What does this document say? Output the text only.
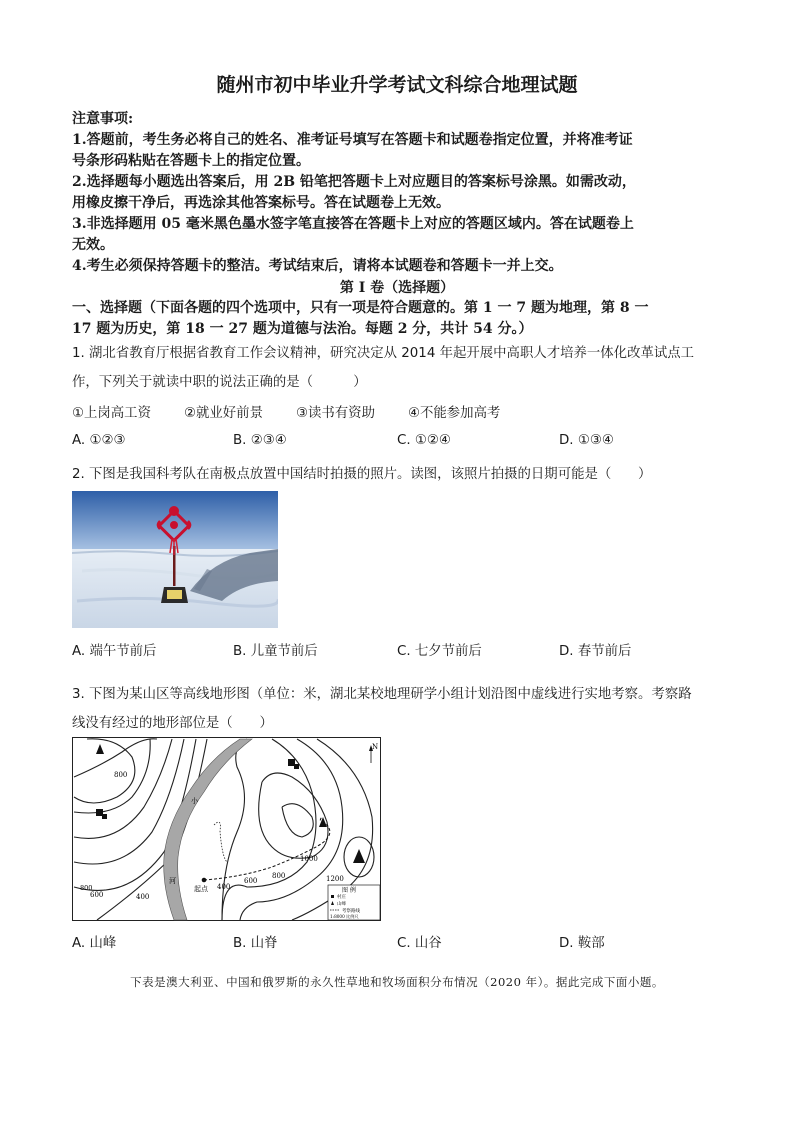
随州市初中毕业升学考试文科综合地理试题
注意事项:
1.答题前，考生务必将自己的姓名、准考证号填写在答题卡和试题卷指定位置，并将准考证
号条形码粘贴在答题卡上的指定位置。
2.选择题每小题选出答案后，用 2B 铅笔把答题卡上对应题目的答案标号涂黑。如需改动，
用橡皮擦干净后，再选涂其他答案标号。答在试题卷上无效。
3.非选择题用 05 毫米黑色墨水签字笔直接答在答题卡上对应的答题区域内。答在试题卷上
无效。
4.考生必须保持答题卡的整洁。考试结束后，请将本试题卷和答题卡一并上交。
第 I 卷（选择题）
一、选择题（下面各题的四个选项中，只有一项是符合题意的。第 1 一 7 题为地理，第 8 一
17 题为历史，第 18 一 27 题为道德与法治。每题 2 分，共计 54 分。）
1. 湖北省教育厅根据省教育工作会议精神，研究决定从 2014 年起开展中高职人才培养一体化改革试点工
作，下列关于就读中职的说法正确的是（　　　）
①上岗高工资 ②就业好前景 ③读书有资助 ④不能参加高考
A. ①②③	B. ②③④	C. ①②④	D. ①③④
2. 下图是我国科考队在南极点放置中国结时拍摄的照片。读图，该照片拍摄的日期可能是（　　）
A. 端午节前后	B. 儿童节前后	C. 七夕节前后	D. 春节前后
3. 下图为某山区等高线地形图（单位：米，湖北某校地理研学小组计划沿图中虚线进行实地考察。考察路
线没有经过的地形部位是（　　）
N
小
河
起点
800
600	400
400
600
800
1000
1200
800	图 例
村庄
山峰
考察路线
1:8000 比例尺
A. 山峰	B. 山脊	C. 山谷	D. 鞍部
下表是澳大利亚、中国和俄罗斯的永久性草地和牧场面积分布情况（2020 年）。据此完成下面小题。
